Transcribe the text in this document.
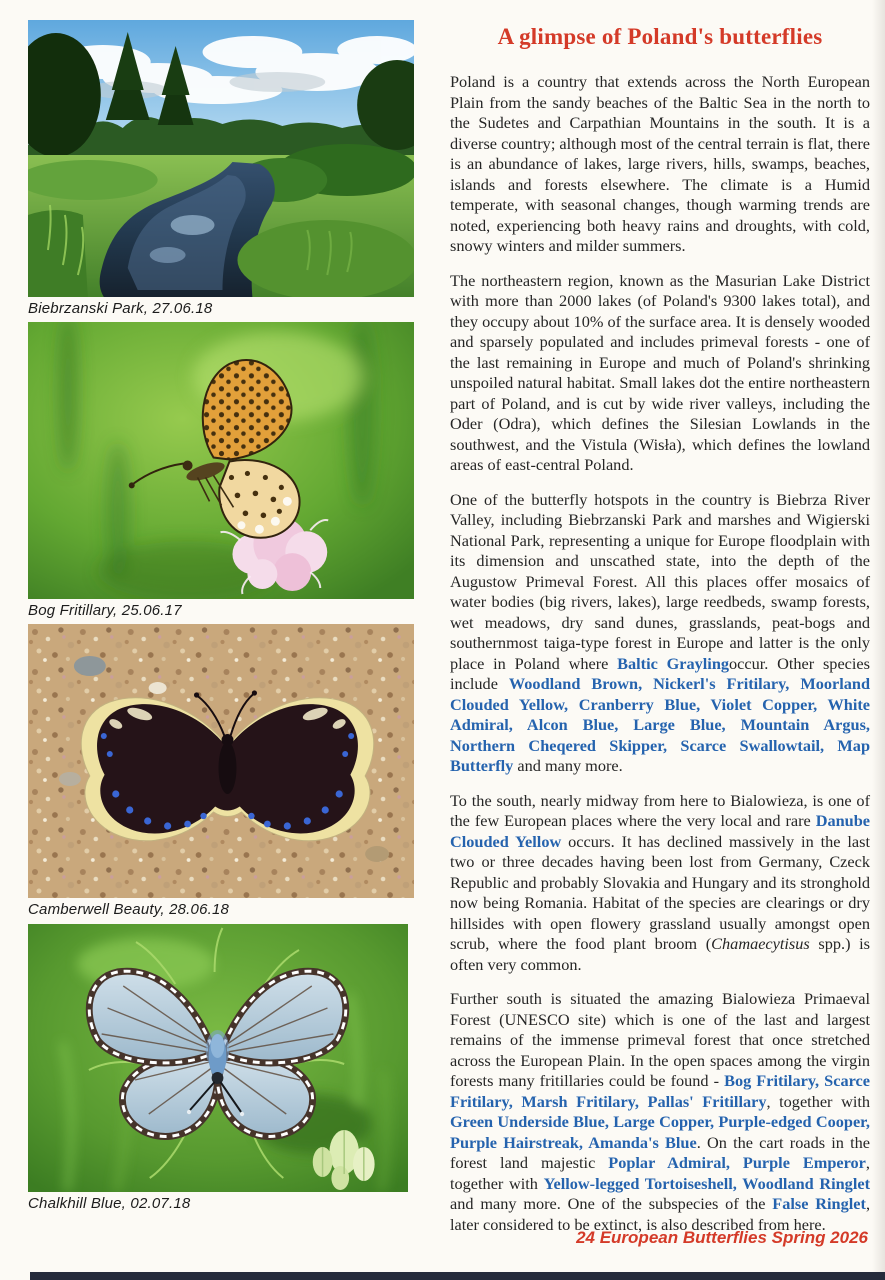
Biebrzanski Park, 27.06.18
Bog Fritillary, 25.06.17
Camberwell Beauty, 28.06.18
Chalkhill Blue, 02.07.18
A glimpse of Poland's butterflies

Poland is a country that extends across the North European Plain from the sandy beaches of the Baltic Sea in the north to the Sudetes and Carpathian Mountains in the south. It is a diverse country; although most of the central terrain is flat, there is an abundance of lakes, large rivers, hills, swamps, beaches, islands and forests elsewhere. The climate is a Humid temperate, with seasonal changes, though warming trends are noted, experiencing both heavy rains and droughts, with cold, snowy winters and milder summers.

The northeastern region, known as the Masurian Lake District with more than 2000 lakes (of Poland's 9300 lakes total), and they occupy about 10% of the surface area. It is densely wooded and sparsely populated and includes primeval forests - one of the last remaining in Europe and much of Poland's shrinking unspoiled natural habitat. Small lakes dot the entire northeastern part of Poland, and is cut by wide river valleys, including the Oder (Odra), which defines the Silesian Lowlands in the southwest, and the Vistula (Wisła), which defines the lowland areas of east-central Poland.

One of the butterfly hotspots in the country is Biebrza River Valley, including Biebrzanski Park and marshes and Wigierski National Park, representing a unique for Europe floodplain with its dimension and unscathed state, into the depth of the Augustow Primeval Forest. All this places offer mosaics of water bodies (big rivers, lakes), large reedbeds, swamp forests, wet meadows, dry sand dunes, grasslands, peat-bogs and southernmost taiga-type forest in Europe and latter is the only place in Poland where Baltic Graylingoccur. Other species include Woodland Brown, Nickerl's Fritilary, Moorland Clouded Yellow, Cranberry Blue, Violet Copper, White Admiral, Alcon Blue, Large Blue, Mountain Argus, Northern Cheqered Skipper, Scarce Swallowtail, Map Butterfly and many more.

To the south, nearly midway from here to Bialowieza, is one of the few European places where the very local and rare Danube Clouded Yellow occurs. It has declined massively in the last two or three decades having been lost from Germany, Czeck Republic and probably Slovakia and Hungary and its stronghold now being Romania. Habitat of the species are clearings or dry hillsides with open flowery grassland usually amongst open scrub, where the food plant broom (Chamaecytisus spp.) is often very common.

Further south is situated the amazing Bialowieza Primaeval Forest (UNESCO site) which is one of the last and largest remains of the immense primeval forest that once stretched across the European Plain. In the open spaces among the virgin forests many fritillaries could be found - Bog Fritilary, Scarce Fritilary, Marsh Fritilary, Pallas' Fritillary, together with Green Underside Blue, Large Copper, Purple-edged Cooper, Purple Hairstreak, Amanda's Blue. On the cart roads in the forest land majestic Poplar Admiral, Purple Emperor, together with Yellow-legged Tortoiseshell, Woodland Ringlet and many more. One of the subspecies of the False Ringlet, later considered to be extinct, is also described from here.

24 European Butterflies Spring 2026
